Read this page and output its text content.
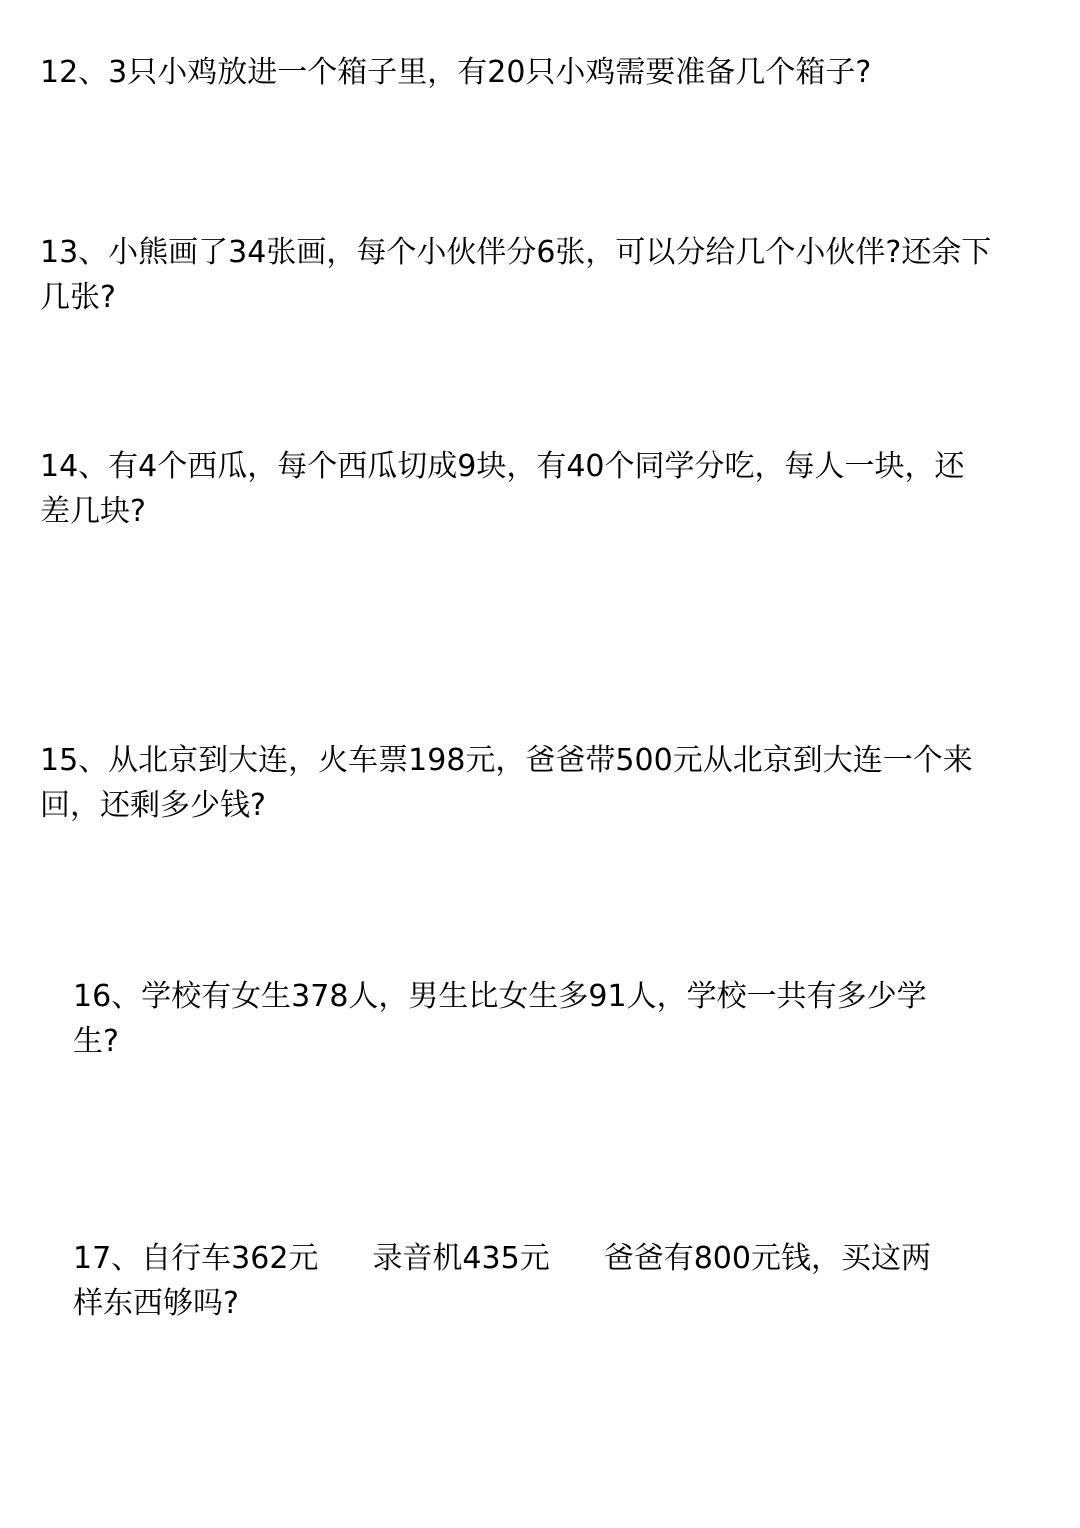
12、3只小鸡放进一个箱子里，有20只小鸡需要准备几个箱子?
13、小熊画了34张画，每个小伙伴分6张，可以分给几个小伙伴?还余下
几张?
14、有4个西瓜，每个西瓜切成9块，有40个同学分吃，每人一块，还
差几块?
15、从北京到大连，火车票198元，爸爸带500元从北京到大连一个来
回，还剩多少钱?
16、学校有女生378人，男生比女生多91人，学校一共有多少学
生?
17、自行车362元 录音机435元 爸爸有800元钱，买这两
样东西够吗?
